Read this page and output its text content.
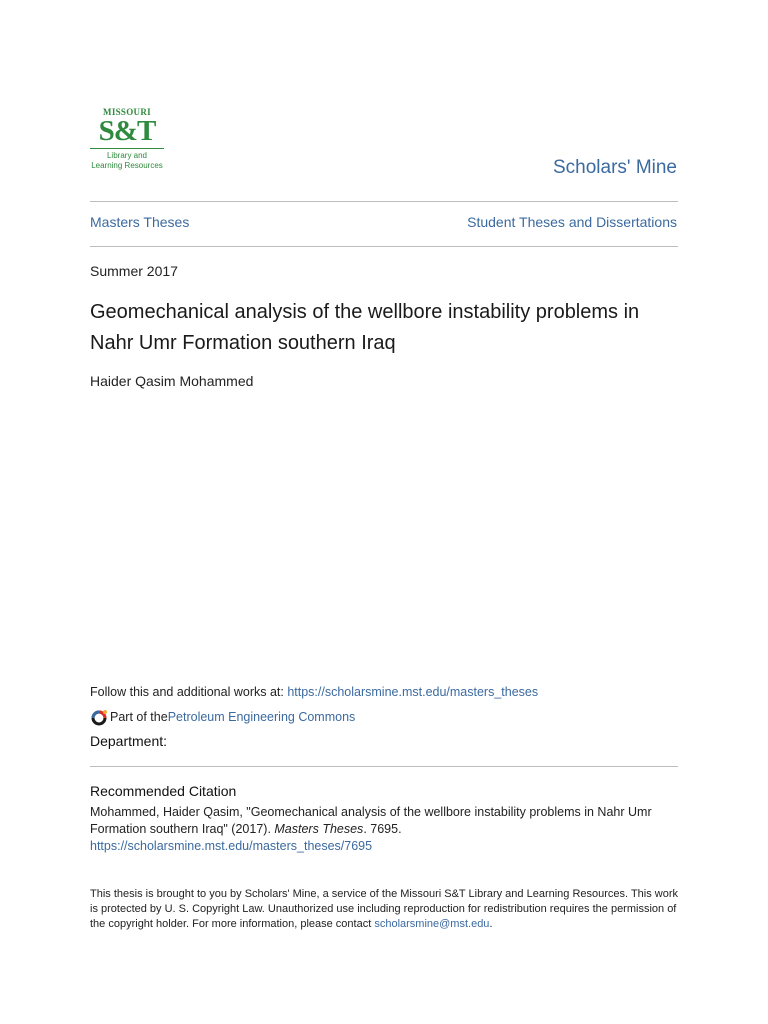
MISSOURI
S&T
Library and
Learning Resources	Scholars' Mine
Masters Theses	Student Theses and Dissertations
Summer 2017
Geomechanical analysis of the wellbore instability problems in Nahr Umr Formation southern Iraq
Haider Qasim Mohammed
Follow this and additional works at: https://scholarsmine.mst.edu/masters_theses
Part of the Petroleum Engineering Commons
Department:
Recommended Citation
Mohammed, Haider Qasim, "Geomechanical analysis of the wellbore instability problems in Nahr Umr Formation southern Iraq" (2017). Masters Theses. 7695.
https://scholarsmine.mst.edu/masters_theses/7695
This thesis is brought to you by Scholars' Mine, a service of the Missouri S&T Library and Learning Resources. This work is protected by U. S. Copyright Law. Unauthorized use including reproduction for redistribution requires the permission of the copyright holder. For more information, please contact scholarsmine@mst.edu.
